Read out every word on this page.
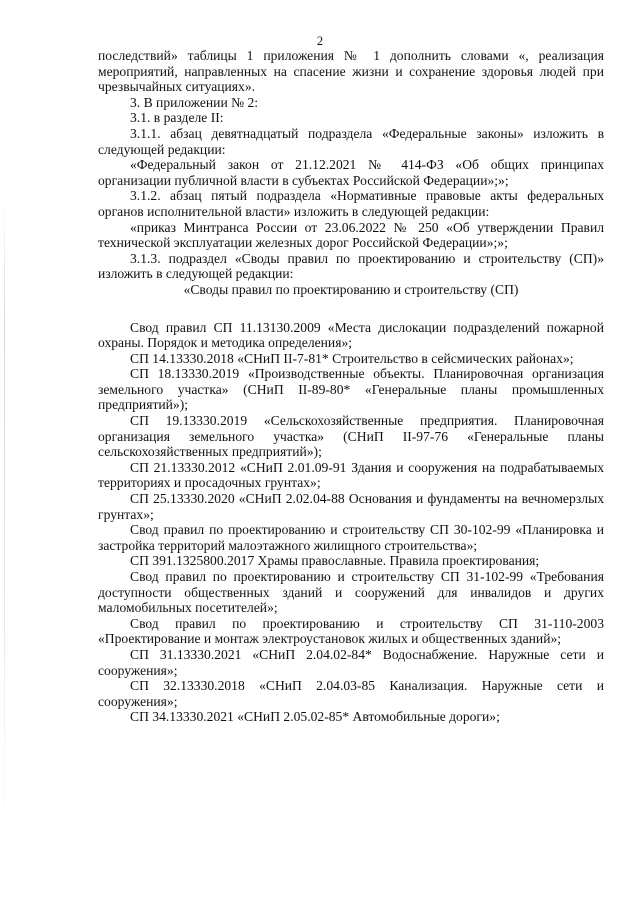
2

последствий» таблицы 1 приложения № 1 дополнить словами «, реализация мероприятий, направленных на спасение жизни и сохранение здоровья людей при чрезвычайных ситуациях».

3. В приложении № 2:

3.1. в разделе II:

3.1.1. абзац девятнадцатый подраздела «Федеральные законы» изложить в следующей редакции:

«Федеральный закон от 21.12.2021 № 414-ФЗ «Об общих принципах организации публичной власти в субъектах Российской Федерации»;»;

3.1.2. абзац пятый подраздела «Нормативные правовые акты федеральных органов исполнительной власти» изложить в следующей редакции:

«приказ Минтранса России от 23.06.2022 № 250 «Об утверждении Правил технической эксплуатации железных дорог Российской Федерации»;»;

3.1.3. подраздел «Своды правил по проектированию и строительству (СП)» изложить в следующей редакции:

«Своды правил по проектированию и строительству (СП)

Свод правил СП 11.13130.2009 «Места дислокации подразделений пожарной охраны. Порядок и методика определения»;

СП 14.13330.2018 «СНиП II-7-81* Строительство в сейсмических районах»;

СП 18.13330.2019 «Производственные объекты. Планировочная организация земельного участка» (СНиП II-89-80* «Генеральные планы промышленных предприятий»);

СП 19.13330.2019 «Сельскохозяйственные предприятия. Планировочная организация земельного участка» (СНиП II-97-76 «Генеральные планы сельскохозяйственных предприятий»);

СП 21.13330.2012 «СНиП 2.01.09-91 Здания и сооружения на подрабатываемых территориях и просадочных грунтах»;

СП 25.13330.2020 «СНиП 2.02.04-88 Основания и фундаменты на вечномерзлых грунтах»;

Свод правил по проектированию и строительству СП 30-102-99 «Планировка и застройка территорий малоэтажного жилищного строительства»;

СП 391.1325800.2017 Храмы православные. Правила проектирования;

Свод правил по проектированию и строительству СП 31-102-99 «Требования доступности общественных зданий и сооружений для инвалидов и других маломобильных посетителей»;

Свод правил по проектированию и строительству СП 31-110-2003 «Проектирование и монтаж электроустановок жилых и общественных зданий»;

СП 31.13330.2021 «СНиП 2.04.02-84* Водоснабжение. Наружные сети и сооружения»;

СП 32.13330.2018 «СНиП 2.04.03-85 Канализация. Наружные сети и сооружения»;

СП 34.13330.2021 «СНиП 2.05.02-85* Автомобильные дороги»;
